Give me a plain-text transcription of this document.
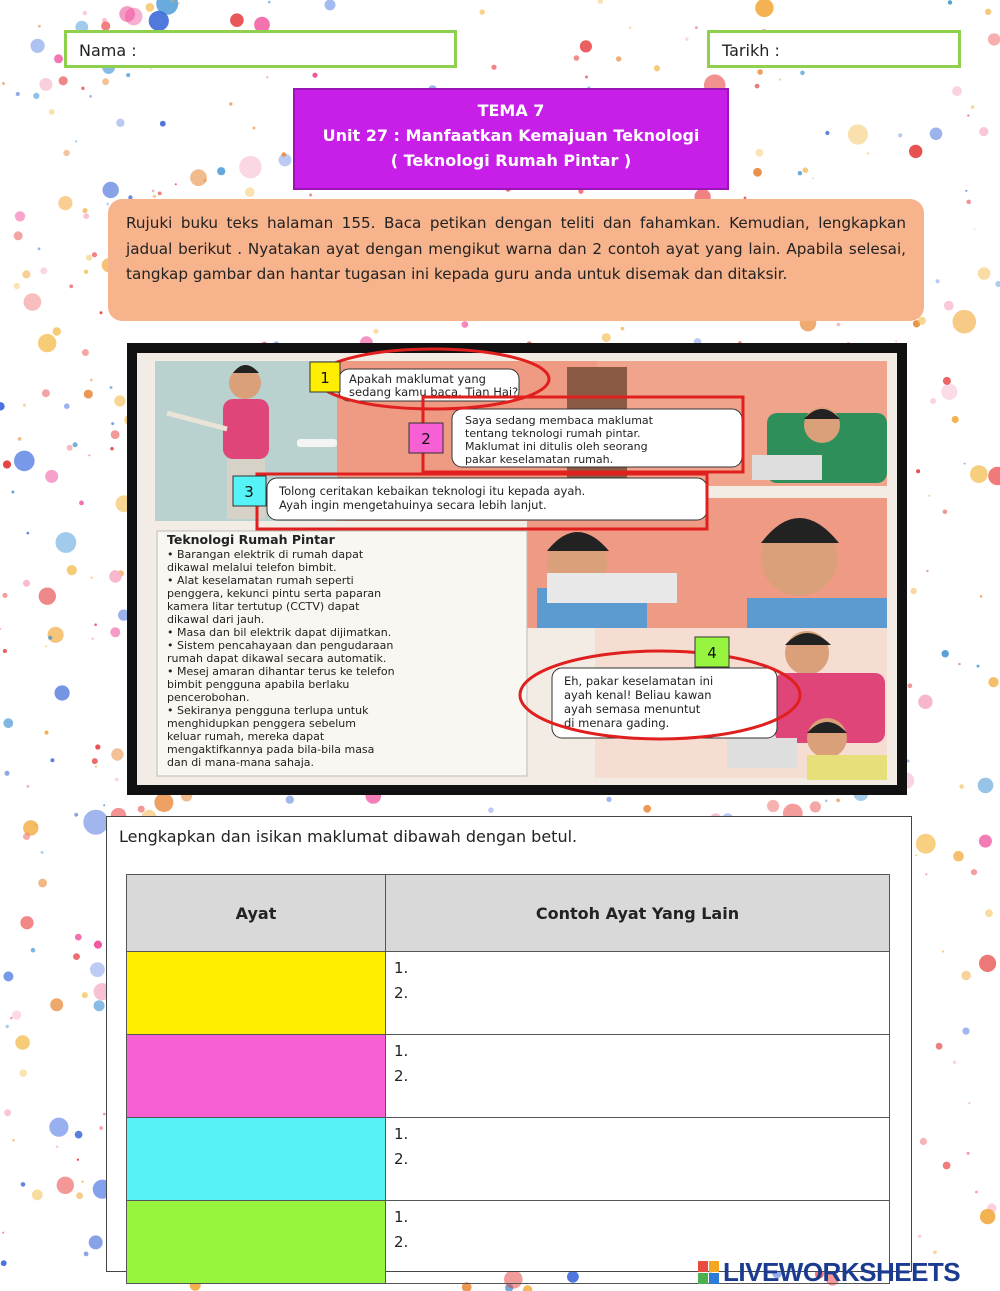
Nama :	Tarikh :
TEMA 7
Unit 27 : Manfaatkan Kemajuan Teknologi
( Teknologi Rumah Pintar )
Rujuki buku teks halaman 155. Baca petikan dengan teliti dan fahamkan. Kemudian, lengkapkan jadual berikut . Nyatakan ayat dengan mengikut warna dan 2 contoh ayat yang lain. Apabila selesai, tangkap gambar dan hantar tugasan ini kepada guru anda untuk disemak dan ditaksir.
Teknologi Rumah Pintar
• Barangan elektrik di rumah dapat
dikawal melalui telefon bimbit.
• Alat keselamatan rumah seperti
penggera, kekunci pintu serta paparan
kamera litar tertutup (CCTV) dapat
dikawal dari jauh.
• Masa dan bil elektrik dapat dijimatkan.
• Sistem pencahayaan dan pengudaraan
rumah dapat dikawal secara automatik.
• Mesej amaran dihantar terus ke telefon
bimbit pengguna apabila berlaku
pencerobohan.
• Sekiranya pengguna terlupa untuk
menghidupkan penggera sebelum
keluar rumah, mereka dapat
mengaktifkannya pada bila-bila masa
dan di mana-mana sahaja.
Apakah maklumat yang
sedang kamu baca, Tian Hai?
Saya sedang membaca maklumat
tentang teknologi rumah pintar.
Maklumat ini ditulis oleh seorang
pakar keselamatan rumah.
Tolong ceritakan kebaikan teknologi itu kepada ayah.
Ayah ingin mengetahuinya secara lebih lanjut.
Eh, pakar keselamatan ini
ayah kenal! Beliau kawan
ayah semasa menuntut
di menara gading.
1
2
3
4
Lengkapkan dan isikan maklumat dibawah dengan betul.
Ayat	Contoh Ayat Yang Lain

	1.
2.

	1.
2.

	1.
2.

	1.
2.
LIVEWORKSHEETS
